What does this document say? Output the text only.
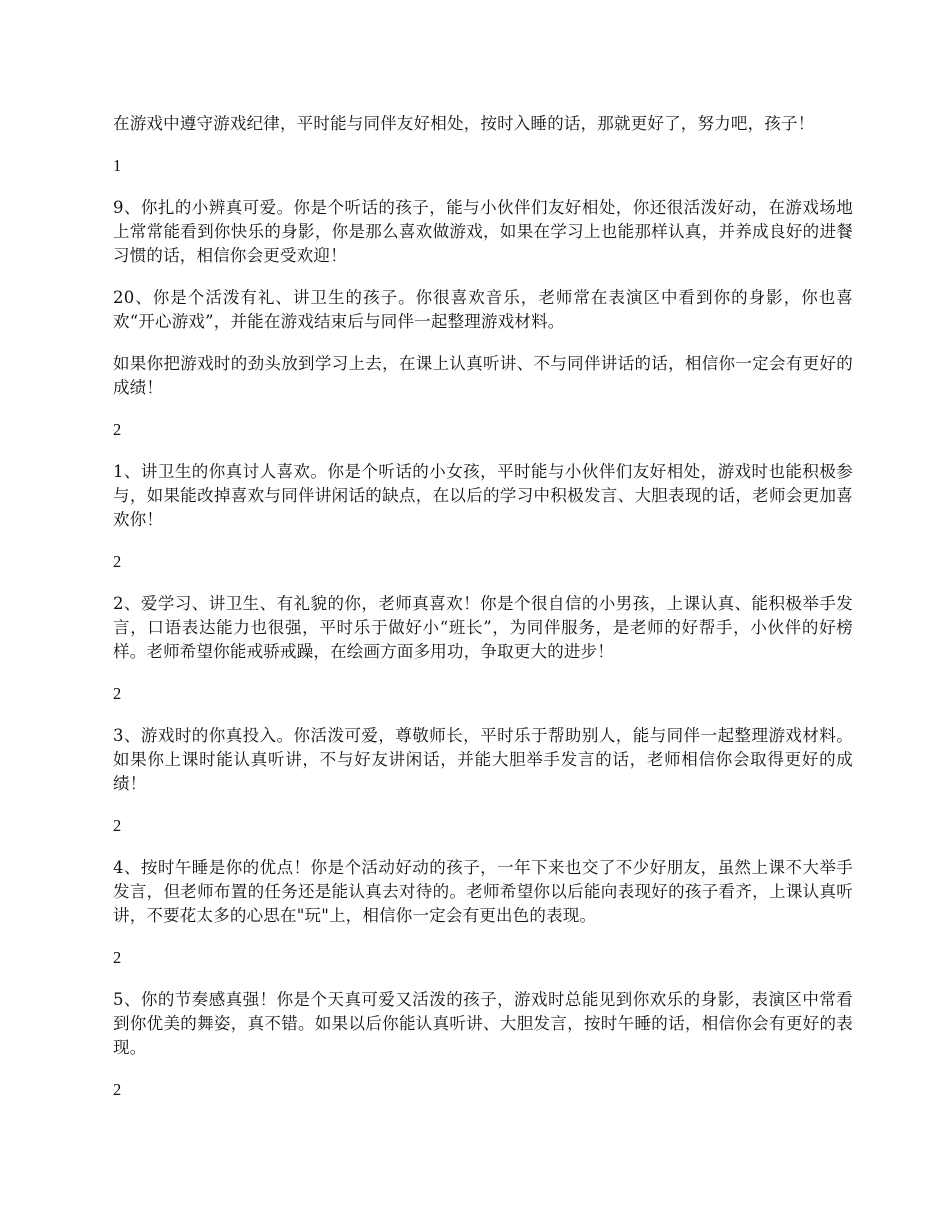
在游戏中遵守游戏纪律，平时能与同伴友好相处，按时入睡的话，那就更好了，努力吧，孩子！

1

9、你扎的小辨真可爱。你是个听话的孩子，能与小伙伴们友好相处，你还很活泼好动，在游戏场地上常常能看到你快乐的身影，你是那么喜欢做游戏，如果在学习上也能那样认真，并养成良好的进餐习惯的话，相信你会更受欢迎！

20、你是个活泼有礼、讲卫生的孩子。你很喜欢音乐，老师常在表演区中看到你的身影，你也喜欢“开心游戏”，并能在游戏结束后与同伴一起整理游戏材料。

如果你把游戏时的劲头放到学习上去，在课上认真听讲、不与同伴讲话的话，相信你一定会有更好的成绩！

2

1、讲卫生的你真讨人喜欢。你是个听话的小女孩，平时能与小伙伴们友好相处，游戏时也能积极参与，如果能改掉喜欢与同伴讲闲话的缺点，在以后的学习中积极发言、大胆表现的话，老师会更加喜欢你！

2

2、爱学习、讲卫生、有礼貌的你，老师真喜欢！你是个很自信的小男孩，上课认真、能积极举手发言，口语表达能力也很强，平时乐于做好小“班长”，为同伴服务，是老师的好帮手，小伙伴的好榜样。老师希望你能戒骄戒躁，在绘画方面多用功，争取更大的进步！

2

3、游戏时的你真投入。你活泼可爱，尊敬师长，平时乐于帮助别人，能与同伴一起整理游戏材料。如果你上课时能认真听讲，不与好友讲闲话，并能大胆举手发言的话，老师相信你会取得更好的成绩！

2

4、按时午睡是你的优点！你是个活动好动的孩子，一年下来也交了不少好朋友，虽然上课不大举手发言，但老师布置的任务还是能认真去对待的。老师希望你以后能向表现好的孩子看齐，上课认真听讲，不要花太多的心思在"玩"上，相信你一定会有更出色的表现。

2

5、你的节奏感真强！你是个天真可爱又活泼的孩子，游戏时总能见到你欢乐的身影，表演区中常看到你优美的舞姿，真不错。如果以后你能认真听讲、大胆发言，按时午睡的话，相信你会有更好的表现。

2
